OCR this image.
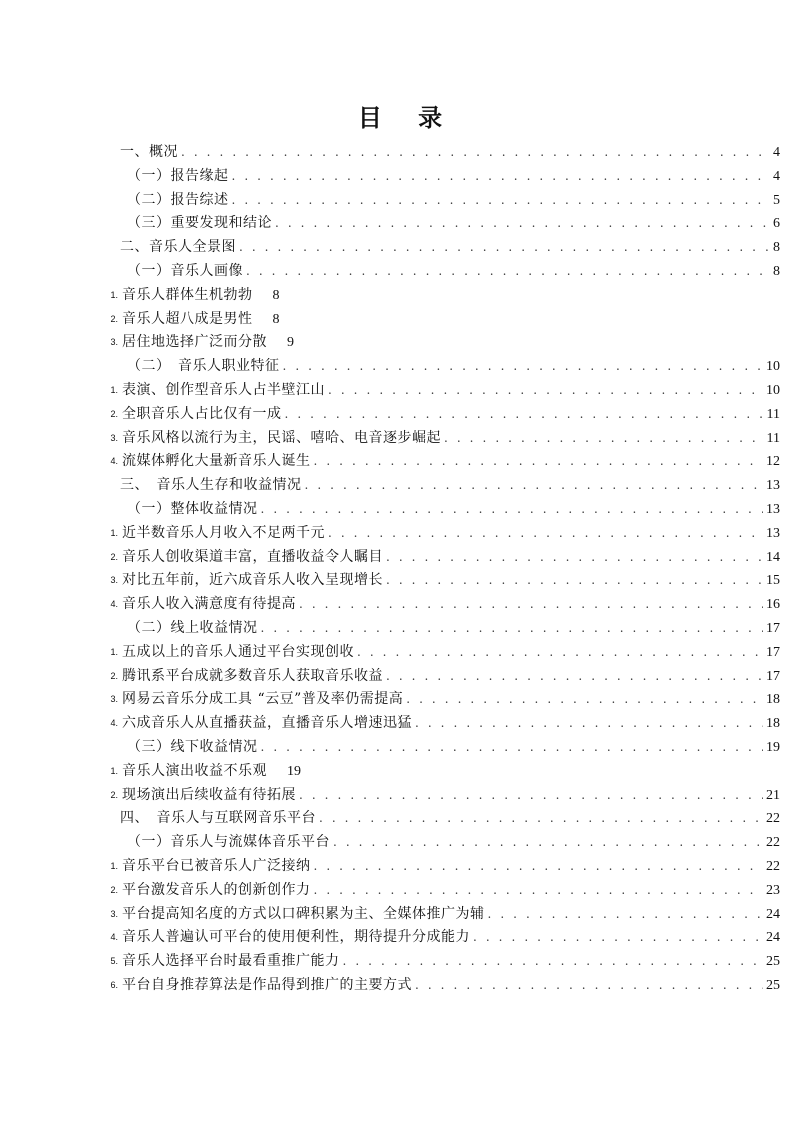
目 录
一、概况 . . .	4
（一）报告缘起 . . .	4
（二）报告综述 . . .	5
（三）重要发现和结论 . . .	6
二、音乐人全景图 . . .	8
（一）音乐人画像 . . .	8
1. 音乐人群体生机勃勃 8
2. 音乐人超八成是男性 8
3. 居住地选择广泛而分散 9
（二）　音乐人职业特征 . . .	10
1. 表演、创作型音乐人占半壁江山 . . .	10
2. 全职音乐人占比仅有一成 . . .	11
3. 音乐风格以流行为主，民谣、嘻哈、电音逐步崛起 . . .	11
4. 流媒体孵化大量新音乐人诞生 . . .	12
三、　音乐人生存和收益情况 . . .	13
（一）整体收益情况 . . .	13
1. 近半数音乐人月收入不足两千元 . . .	13
2. 音乐人创收渠道丰富，直播收益令人瞩目 . . .	14
3. 对比五年前，近六成音乐人收入呈现增长 . . .	15
4. 音乐人收入满意度有待提高 . . .	16
（二）线上收益情况 . . .	17
1. 五成以上的音乐人通过平台实现创收 . . .	17
2. 腾讯系平台成就多数音乐人获取音乐收益 . . .	17
3. 网易云音乐分成工具 “云豆”普及率仍需提高 . . .	18
4. 六成音乐人从直播获益，直播音乐人增速迅猛 . . .	18
（三）线下收益情况 . . .	19
1. 音乐人演出收益不乐观 19
2. 现场演出后续收益有待拓展 . . .	21
四、　音乐人与互联网音乐平台 . . .	22
（一）音乐人与流媒体音乐平台 . . .	22
1. 音乐平台已被音乐人广泛接纳 . . .	22
2. 平台激发音乐人的创新创作力 . . .	23
3. 平台提高知名度的方式以口碑积累为主、全媒体推广为辅 . . .	24
4. 音乐人普遍认可平台的使用便利性，期待提升分成能力 . . .	24
5. 音乐人选择平台时最看重推广能力 . . .	25
6. 平台自身推荐算法是作品得到推广的主要方式 . . .	25
